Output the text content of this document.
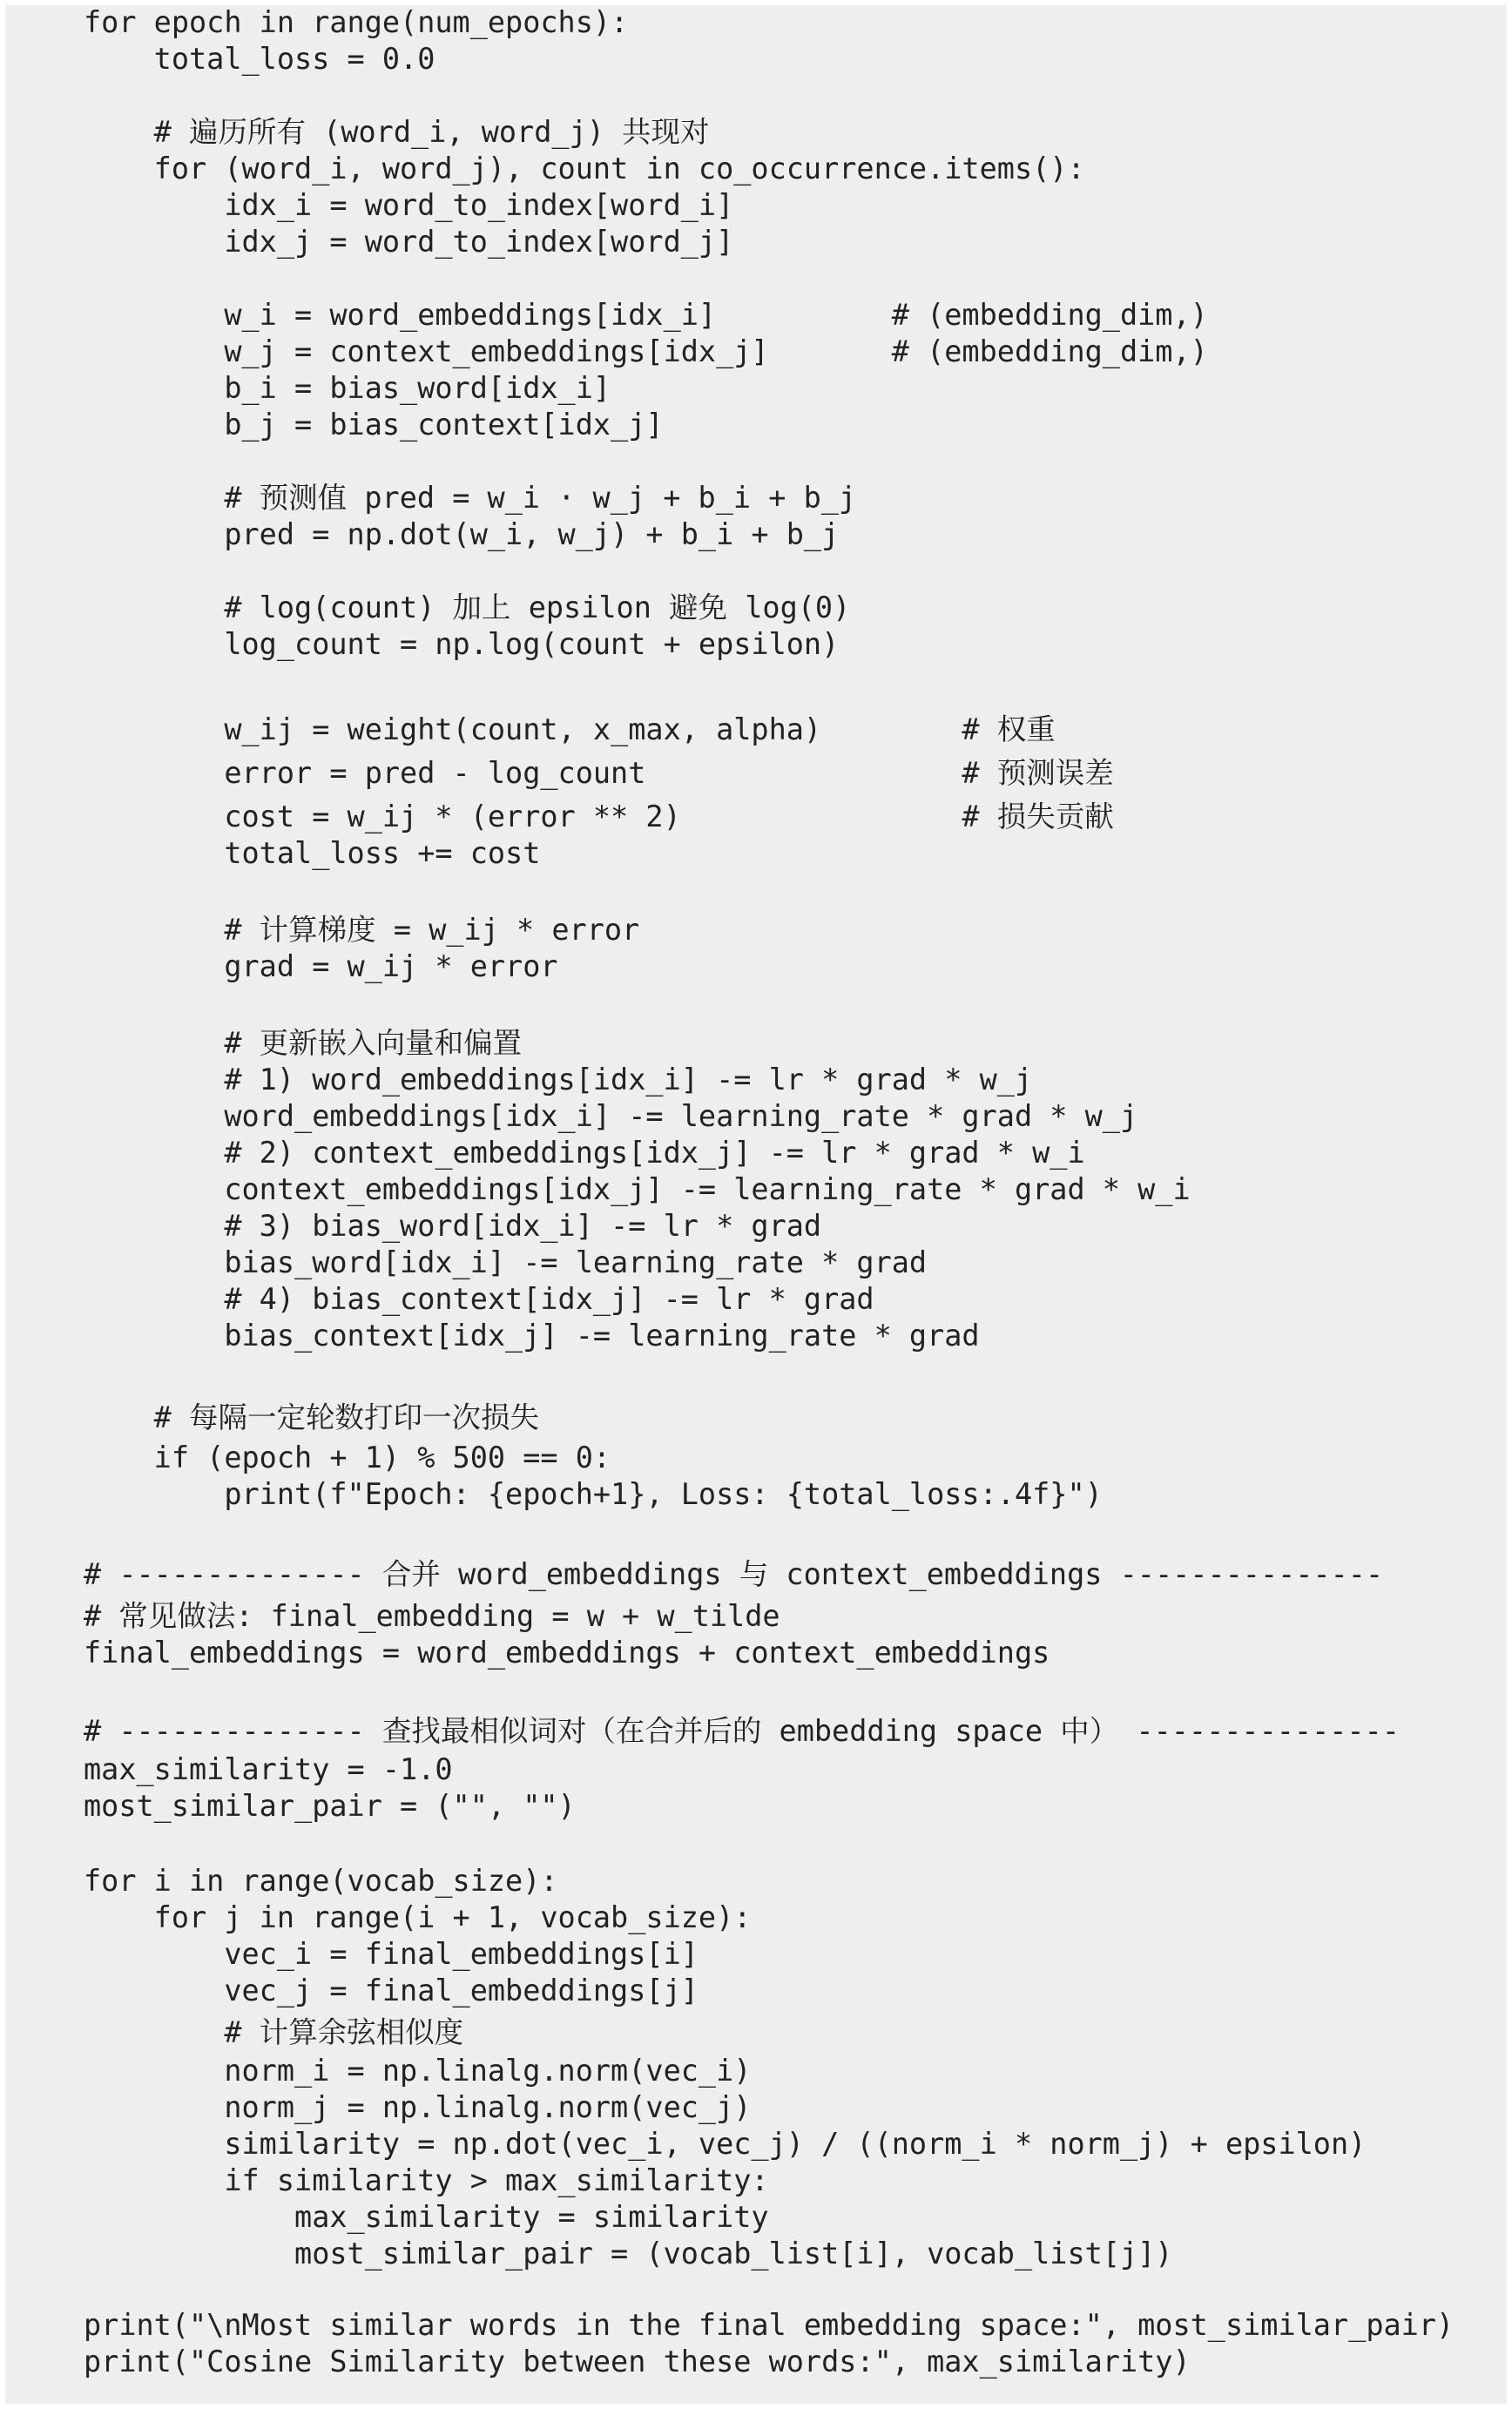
for epoch in range(num_epochs):
total_loss = 0.0
# 遍历所有 (word_i, word_j) 共现对
for (word_i, word_j), count in co_occurrence.items():
idx_i = word_to_index[word_i]
idx_j = word_to_index[word_j]
w_i = word_embeddings[idx_i]          # (embedding_dim,)
w_j = context_embeddings[idx_j]       # (embedding_dim,)
b_i = bias_word[idx_i]
b_j = bias_context[idx_j]
# 预测值 pred = w_i · w_j + b_i + b_j
pred = np.dot(w_i, w_j) + b_i + b_j
# log(count) 加上 epsilon 避免 log(0)
log_count = np.log(count + epsilon)
w_ij = weight(count, x_max, alpha)        # 权重
error = pred - log_count                  # 预测误差
cost = w_ij * (error ** 2)                # 损失贡献
total_loss += cost
# 计算梯度 = w_ij * error
grad = w_ij * error
# 更新嵌入向量和偏置
# 1) word_embeddings[idx_i] -= lr * grad * w_j
word_embeddings[idx_i] -= learning_rate * grad * w_j
# 2) context_embeddings[idx_j] -= lr * grad * w_i
context_embeddings[idx_j] -= learning_rate * grad * w_i
# 3) bias_word[idx_i] -= lr * grad
bias_word[idx_i] -= learning_rate * grad
# 4) bias_context[idx_j] -= lr * grad
bias_context[idx_j] -= learning_rate * grad
# 每隔一定轮数打印一次损失
if (epoch + 1) % 500 == 0:
print(f"Epoch: {epoch+1}, Loss: {total_loss:.4f}")
# -------------- 合并 word_embeddings 与 context_embeddings ---------------
# 常见做法: final_embedding = w + w_tilde
final_embeddings = word_embeddings + context_embeddings
# -------------- 查找最相似词对（在合并后的 embedding space 中） ---------------
max_similarity = -1.0
most_similar_pair = ("", "")
for i in range(vocab_size):
for j in range(i + 1, vocab_size):
vec_i = final_embeddings[i]
vec_j = final_embeddings[j]
# 计算余弦相似度
norm_i = np.linalg.norm(vec_i)
norm_j = np.linalg.norm(vec_j)
similarity = np.dot(vec_i, vec_j) / ((norm_i * norm_j) + epsilon)
if similarity > max_similarity:
max_similarity = similarity
most_similar_pair = (vocab_list[i], vocab_list[j])
print("\nMost similar words in the final embedding space:", most_similar_pair)
print("Cosine Similarity between these words:", max_similarity)
